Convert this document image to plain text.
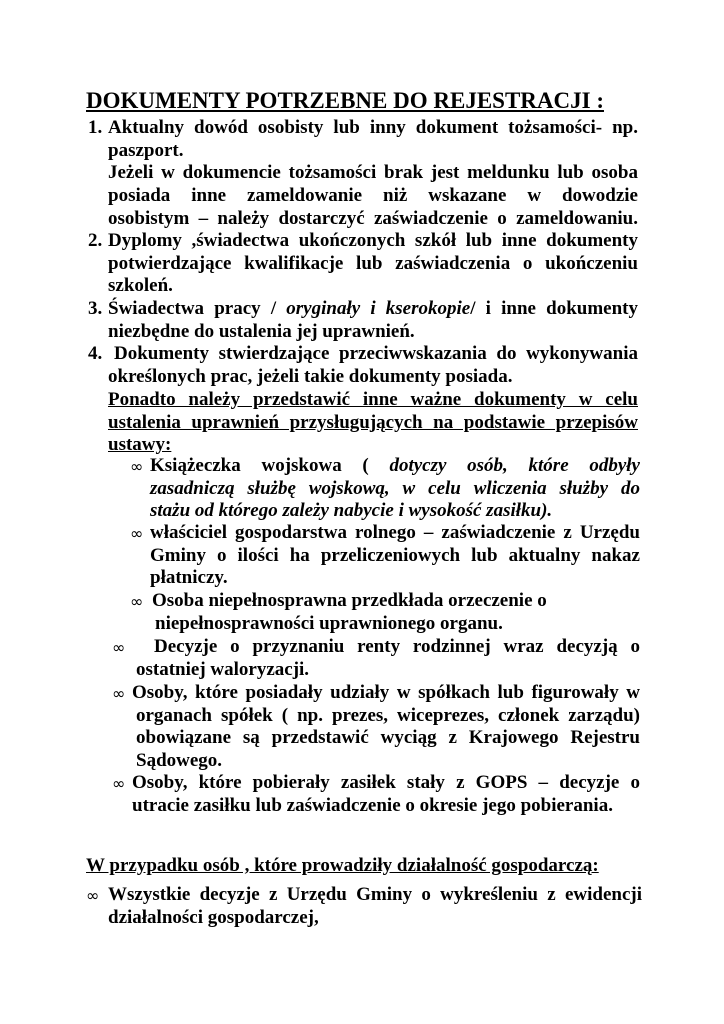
DOKUMENTY POTRZEBNE DO REJESTRACJI :
1. Aktualny dowód osobisty lub inny dokument tożsamości- np.
paszport.
Jeżeli w dokumencie tożsamości brak jest meldunku lub osoba
posiada inne zameldowanie niż wskazane w dowodzie
osobistym – należy dostarczyć zaświadczenie o zameldowaniu.
2. Dyplomy ,świadectwa ukończonych szkół lub inne dokumenty
potwierdzające kwalifikacje lub zaświadczenia o ukończeniu
szkoleń.
3. Świadectwa pracy / oryginały i kserokopie/ i inne dokumenty
niezbędne do ustalenia jej uprawnień.
4. Dokumenty stwierdzające przeciwwskazania do wykonywania
określonych prac, jeżeli takie dokumenty posiada.
Ponadto należy przedstawić inne ważne dokumenty w celu
ustalenia uprawnień przysługujących na podstawie przepisów
ustawy:
∞ Książeczka wojskowa ( dotyczy osób, które odbyły
zasadniczą służbę wojskową, w celu wliczenia służby do
stażu od którego zależy nabycie i wysokość zasiłku).
∞ właściciel gospodarstwa rolnego – zaświadczenie z Urzędu
Gminy o ilości ha przeliczeniowych lub aktualny nakaz
płatniczy.
∞ Osoba niepełnosprawna przedkłada orzeczenie o
niepełnosprawności uprawnionego organu.
∞ Decyzje o przyznaniu renty rodzinnej wraz decyzją o
ostatniej waloryzacji.
∞ Osoby, które posiadały udziały w spółkach lub figurowały w
organach spółek ( np. prezes, wiceprezes, członek zarządu)
obowiązane są przedstawić wyciąg z Krajowego Rejestru
Sądowego.
∞ Osoby, które pobierały zasiłek stały z GOPS – decyzje o
utracie zasiłku lub zaświadczenie o okresie jego pobierania.
W przypadku osób , które prowadziły działalność gospodarczą:
∞ Wszystkie decyzje z Urzędu Gminy o wykreśleniu z ewidencji
działalności gospodarczej,
